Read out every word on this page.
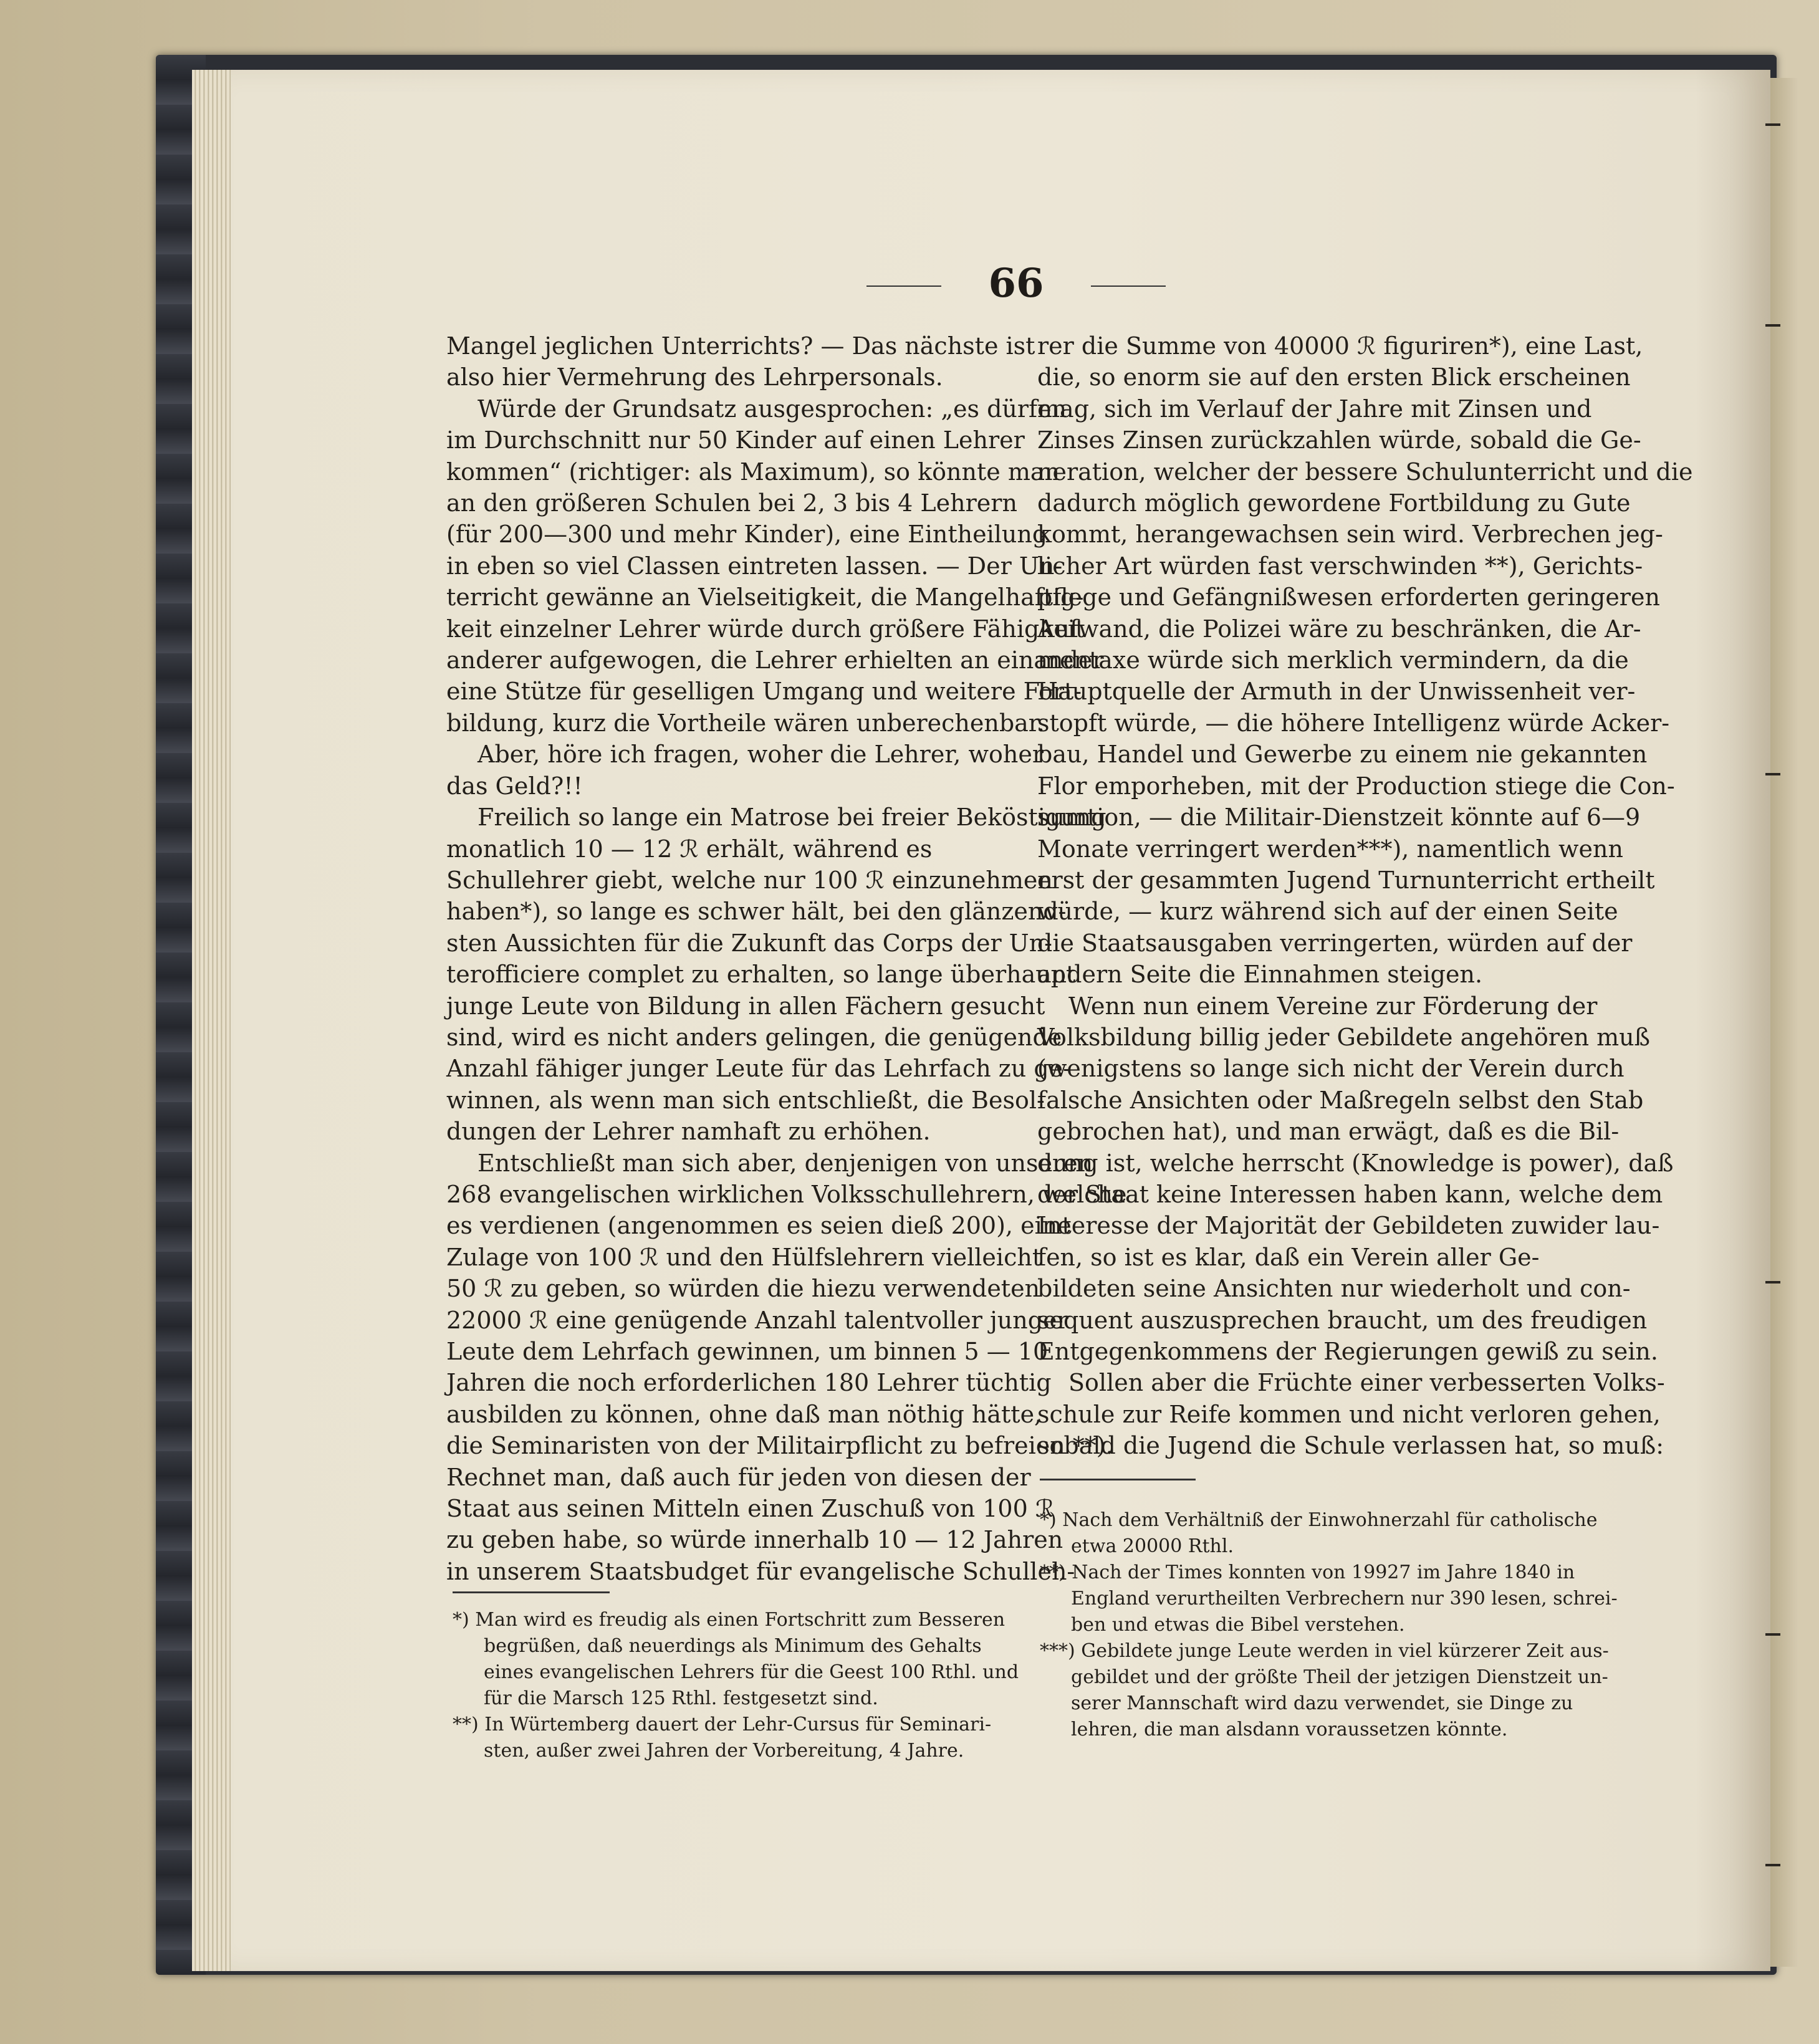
66

Mangel jeglichen Unterrichts? — Das nächste ist

also hier Vermehrung des Lehrpersonals.

Würde der Grundsatz ausgesprochen: „es dürfen

im Durchschnitt nur 50 Kinder auf einen Lehrer

kommen“ (richtiger: als Maximum), so könnte man

an den größeren Schulen bei 2, 3 bis 4 Lehrern

(für 200—300 und mehr Kinder), eine Eintheilung

in eben so viel Classen eintreten lassen. — Der Un-

terricht gewänne an Vielseitigkeit, die Mangelhaftig-

keit einzelner Lehrer würde durch größere Fähigkeit

anderer aufgewogen, die Lehrer erhielten an einander

eine Stütze für geselligen Umgang und weitere Fort-

bildung, kurz die Vortheile wären unberechenbar.

Aber, höre ich fragen, woher die Lehrer, woher

das Geld?!!

Freilich so lange ein Matrose bei freier Beköstigung

monatlich 10 — 12 ℛ erhält, während es

Schullehrer giebt, welche nur 100 ℛ einzunehmen

haben*), so lange es schwer hält, bei den glänzend-

sten Aussichten für die Zukunft das Corps der Un-

terofficiere complet zu erhalten, so lange überhaupt

junge Leute von Bildung in allen Fächern gesucht

sind, wird es nicht anders gelingen, die genügende

Anzahl fähiger junger Leute für das Lehrfach zu ge-

winnen, als wenn man sich entschließt, die Besol-

dungen der Lehrer namhaft zu erhöhen.

Entschließt man sich aber, denjenigen von unseren

268 evangelischen wirklichen Volksschullehrern, welche

es verdienen (angenommen es seien dieß 200), eine

Zulage von 100 ℛ und den Hülfslehrern vielleicht

50 ℛ zu geben, so würden die hiezu verwendeten

22000 ℛ eine genügende Anzahl talentvoller junger

Leute dem Lehrfach gewinnen, um binnen 5 — 10

Jahren die noch erforderlichen 180 Lehrer tüchtig

ausbilden zu können, ohne daß man nöthig hätte,

die Seminaristen von der Militairpflicht zu befreien **).

Rechnet man, daß auch für jeden von diesen der

Staat aus seinen Mitteln einen Zuschuß von 100 ℛ

zu geben habe, so würde innerhalb 10 — 12 Jahren

in unserem Staatsbudget für evangelische Schulleh-

*) Man wird es freudig als einen Fortschritt zum Besseren

begrüßen, daß neuerdings als Minimum des Gehalts

eines evangelischen Lehrers für die Geest 100 Rthl. und

für die Marsch 125 Rthl. festgesetzt sind.

**) In Würtemberg dauert der Lehr-Cursus für Seminari-

sten, außer zwei Jahren der Vorbereitung, 4 Jahre.

rer die Summe von 40000 ℛ figuriren*), eine Last,

die, so enorm sie auf den ersten Blick erscheinen

mag, sich im Verlauf der Jahre mit Zinsen und

Zinses Zinsen zurückzahlen würde, sobald die Ge-

neration, welcher der bessere Schulunterricht und die

dadurch möglich gewordene Fortbildung zu Gute

kommt, herangewachsen sein wird. Verbrechen jeg-

licher Art würden fast verschwinden **), Gerichts-

pflege und Gefängnißwesen erforderten geringeren

Aufwand, die Polizei wäre zu beschränken, die Ar-

mentaxe würde sich merklich vermindern, da die

Hauptquelle der Armuth in der Unwissenheit ver-

stopft würde, — die höhere Intelligenz würde Acker-

bau, Handel und Gewerbe zu einem nie gekannten

Flor emporheben, mit der Production stiege die Con-

sumtion, — die Militair-Dienstzeit könnte auf 6—9

Monate verringert werden***), namentlich wenn

erst der gesammten Jugend Turnunterricht ertheilt

würde, — kurz während sich auf der einen Seite

die Staatsausgaben verringerten, würden auf der

andern Seite die Einnahmen steigen.

Wenn nun einem Vereine zur Förderung der

Volksbildung billig jeder Gebildete angehören muß

(wenigstens so lange sich nicht der Verein durch

falsche Ansichten oder Maßregeln selbst den Stab

gebrochen hat), und man erwägt, daß es die Bil-

dung ist, welche herrscht (Knowledge is power), daß

der Staat keine Interessen haben kann, welche dem

Interesse der Majorität der Gebildeten zuwider lau-

fen, so ist es klar, daß ein Verein aller Ge-

bildeten seine Ansichten nur wiederholt und con-

sequent auszusprechen braucht, um des freudigen

Entgegenkommens der Regierungen gewiß zu sein.

Sollen aber die Früchte einer verbesserten Volks-

schule zur Reife kommen und nicht verloren gehen,

sobald die Jugend die Schule verlassen hat, so muß:

*) Nach dem Verhältniß der Einwohnerzahl für catholische

etwa 20000 Rthl.

**) Nach der Times konnten von 19927 im Jahre 1840 in

England verurtheilten Verbrechern nur 390 lesen, schrei-

ben und etwas die Bibel verstehen.

***) Gebildete junge Leute werden in viel kürzerer Zeit aus-

gebildet und der größte Theil der jetzigen Dienstzeit un-

serer Mannschaft wird dazu verwendet, sie Dinge zu

lehren, die man alsdann voraussetzen könnte.
